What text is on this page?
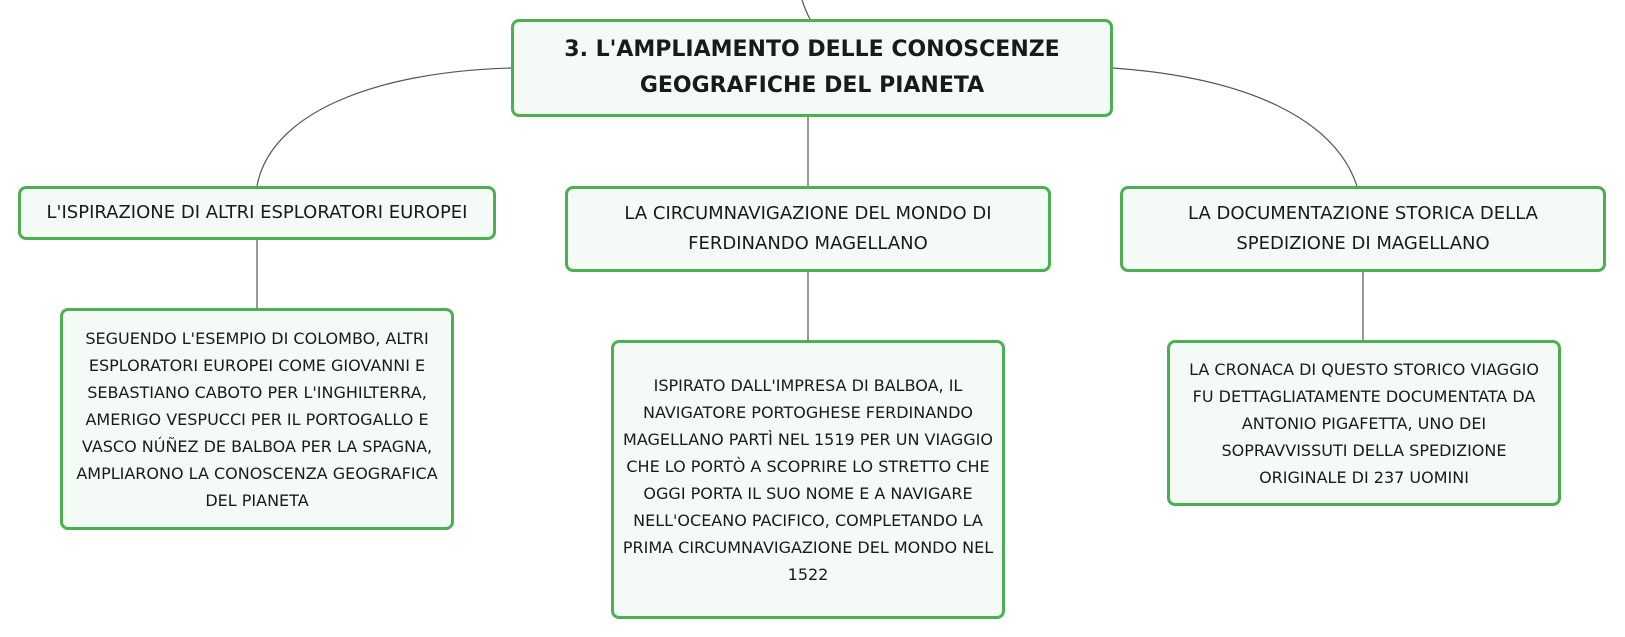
3. L'AMPLIAMENTO DELLE CONOSCENZE GEOGRAFICHE DEL PIANETA
L'ISPIRAZIONE DI ALTRI ESPLORATORI EUROPEI	LA CIRCUMNAVIGAZIONE DEL MONDO DI FERDINANDO MAGELLANO
LA DOCUMENTAZIONE STORICA DELLA SPEDIZIONE DI MAGELLANO
SEGUENDO L'ESEMPIO DI COLOMBO, ALTRI ESPLORATORI EUROPEI COME GIOVANNI E SEBASTIANO CABOTO PER L'INGHILTERRA, AMERIGO VESPUCCI PER IL PORTOGALLO E VASCO NÚÑEZ DE BALBOA PER LA SPAGNA, AMPLIARONO LA CONOSCENZA GEOGRAFICA DEL PIANETA
ISPIRATO DALL'IMPRESA DI BALBOA, IL NAVIGATORE PORTOGHESE FERDINANDO MAGELLANO PARTÌ NEL 1519 PER UN VIAGGIO CHE LO PORTÒ A SCOPRIRE LO STRETTO CHE OGGI PORTA IL SUO NOME E A NAVIGARE NELL'OCEANO PACIFICO, COMPLETANDO LA PRIMA CIRCUMNAVIGAZIONE DEL MONDO NEL 1522
LA CRONACA DI QUESTO STORICO VIAGGIO FU DETTAGLIATAMENTE DOCUMENTATA DA ANTONIO PIGAFETTA, UNO DEI SOPRAVVISSUTI DELLA SPEDIZIONE ORIGINALE DI 237 UOMINI
